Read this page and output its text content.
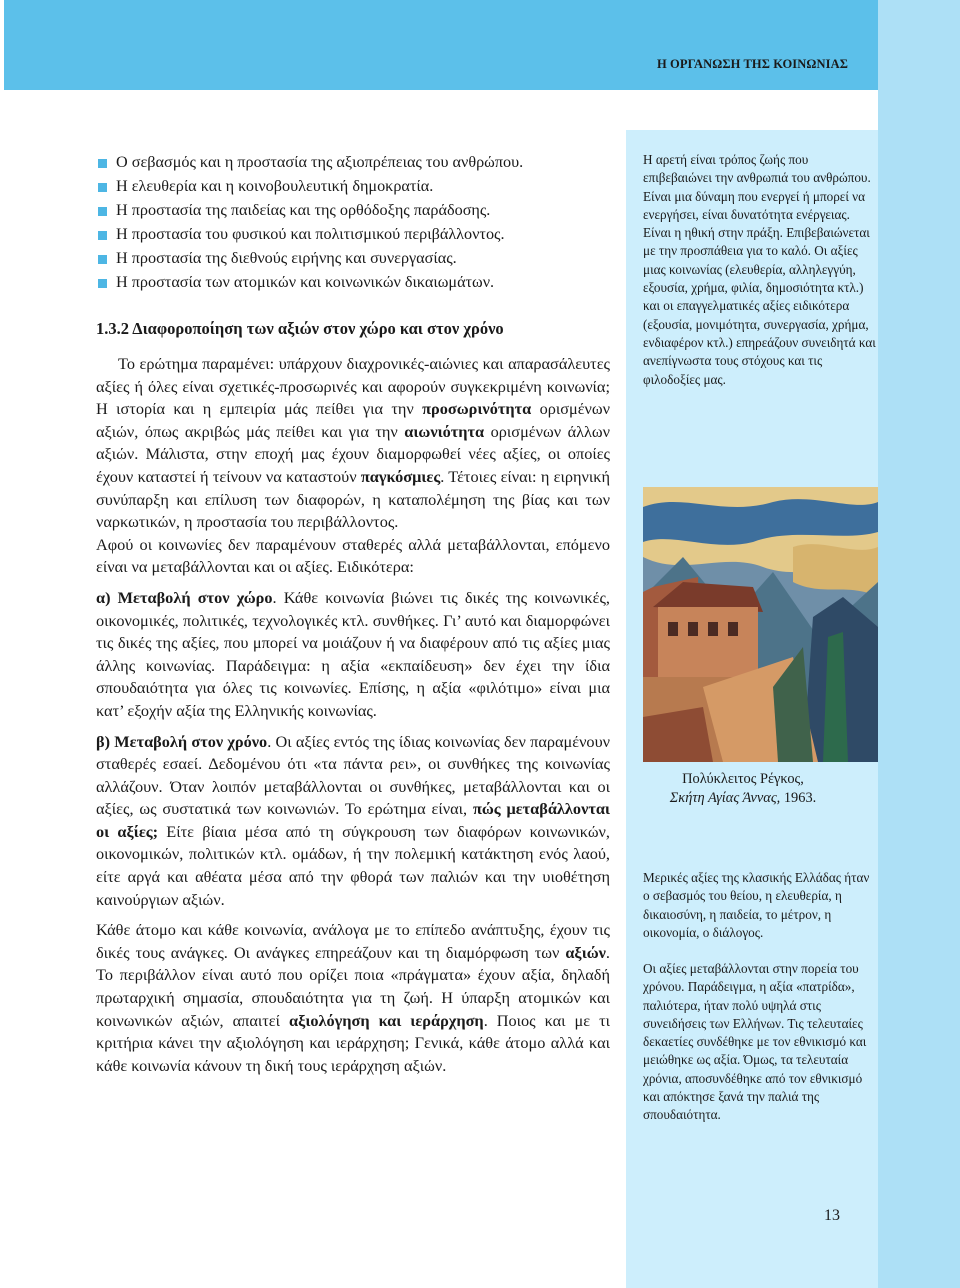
Η ΟΡΓΑΝΩΣΗ ΤΗΣ ΚΟΙΝΩΝΙΑΣ
Ο σεβασμός και η προστασία της αξιοπρέπειας του ανθρώπου.
Η ελευθερία και η κοινοβουλευτική δημοκρατία.
Η προστασία της παιδείας και της ορθόδοξης παράδοσης.
Η προστασία του φυσικού και πολιτισμικού περιβάλλοντος.
Η προστασία της διεθνούς ειρήνης και συνεργασίας.
Η προστασία των ατομικών και κοινωνικών δικαιωμάτων.
1.3.2 Διαφοροποίηση των αξιών στον χώρο και στον χρόνο

Το ερώτημα παραμένει: υπάρχουν διαχρονικές-αιώνιες και απαρασάλευτες αξίες ή όλες είναι σχετικές-προσωρινές και αφορούν συγκεκριμένη κοινωνία; Η ιστορία και η εμπειρία μάς πείθει για την προσωρινότητα ορισμένων αξιών, όπως ακριβώς μάς πείθει και για την αιωνιότητα ορισμένων άλλων αξιών. Μάλιστα, στην εποχή μας έχουν διαμορφωθεί νέες αξίες, οι οποίες έχουν καταστεί ή τείνουν να καταστούν παγκόσμιες. Τέτοιες είναι: η ειρηνική συνύπαρξη και επίλυση των διαφορών, η καταπολέμηση της βίας και των ναρκωτικών, η προστασία του περιβάλλοντος.

Αφού οι κοινωνίες δεν παραμένουν σταθερές αλλά μεταβάλλονται, επόμενο είναι να μεταβάλλονται και οι αξίες. Ειδικότερα:

α) Μεταβολή στον χώρο. Κάθε κοινωνία βιώνει τις δικές της κοινωνικές, οικονομικές, πολιτικές, τεχνολογικές κτλ. συνθήκες. Γι’ αυτό και διαμορφώνει τις δικές της αξίες, που μπορεί να μοιάζουν ή να διαφέρουν από τις αξίες μιας άλλης κοινωνίας. Παράδειγμα: η αξία «εκπαίδευση» δεν έχει την ίδια σπουδαιότητα για όλες τις κοινωνίες. Επίσης, η αξία «φιλότιμο» είναι μια κατ’ εξοχήν αξία της Ελληνικής κοινωνίας.

β) Μεταβολή στον χρόνο. Οι αξίες εντός της ίδιας κοινωνίας δεν παραμένουν σταθερές εσαεί. Δεδομένου ότι «τα πάντα ρει», οι συνθήκες της κοινωνίας αλλάζουν. Όταν λοιπόν μεταβάλλονται οι συνθήκες, μεταβάλλονται και οι αξίες, ως συστατικά των κοινωνιών. Το ερώτημα είναι, πώς μεταβάλλονται οι αξίες; Είτε βίαια μέσα από τη σύγκρουση των διαφόρων κοινωνικών, οικονομικών, πολιτικών κτλ. ομάδων, ή την πολεμική κατάκτηση ενός λαού, είτε αργά και αθέατα μέσα από την φθορά των παλιών και την υιοθέτηση καινούργιων αξιών.

Κάθε άτομο και κάθε κοινωνία, ανάλογα με το επίπεδο ανάπτυξης, έχουν τις δικές τους ανάγκες. Οι ανάγκες επηρεάζουν και τη διαμόρφωση των αξιών. Το περιβάλλον είναι αυτό που ορίζει ποια «πράγματα» έχουν αξία, δηλαδή πρωταρχική σημασία, σπουδαιότητα για τη ζωή. Η ύπαρξη ατομικών και κοινωνικών αξιών, απαιτεί αξιολόγηση και ιεράρχηση. Ποιος και με τι κριτήρια κάνει την αξιολόγηση και ιεράρχηση; Γενικά, κάθε άτομο αλλά και κάθε κοινωνία κάνουν τη δική τους ιεράρχηση αξιών.

Η αρετή είναι τρόπος ζωής που επιβεβαιώνει την ανθρωπιά του ανθρώπου. Είναι μια δύναμη που ενεργεί ή μπορεί να ενεργήσει, είναι δυνατότητα ενέργειας. Είναι η ηθική στην πράξη. Επιβεβαιώνεται με την προσπάθεια για το καλό. Οι αξίες μιας κοινωνίας (ελευθερία, αλληλεγγύη, εξουσία, χρήμα, φιλία, δημοσιότητα κτλ.) και οι επαγγελματικές αξίες ειδικότερα (εξουσία, μονιμότητα, συνεργασία, χρήμα, ενδιαφέρον κτλ.) επηρεάζουν συνειδητά και ανεπίγνωστα τους στόχους και τις φιλοδοξίες μας.
Πολύκλειτος Ρέγκος,
Σκήτη Αγίας Άννας, 1963.
Μερικές αξίες της κλασικής Ελλάδας ήταν ο σεβασμός του θείου, η ελευθερία, η δικαιοσύνη, η παιδεία, το μέτρον, η οικονομία, ο διάλογος.
Οι αξίες μεταβάλλονται στην πορεία του χρόνου. Παράδειγμα, η αξία «πατρίδα», παλιότερα, ήταν πολύ υψηλά στις συνειδήσεις των Ελλήνων. Τις τελευταίες δεκαετίες συνδέθηκε με τον εθνικισμό και μειώθηκε ως αξία. Όμως, τα τελευταία χρόνια, αποσυνδέθηκε από τον εθνικισμό και απόκτησε ξανά την παλιά της σπουδαιότητα.
13
